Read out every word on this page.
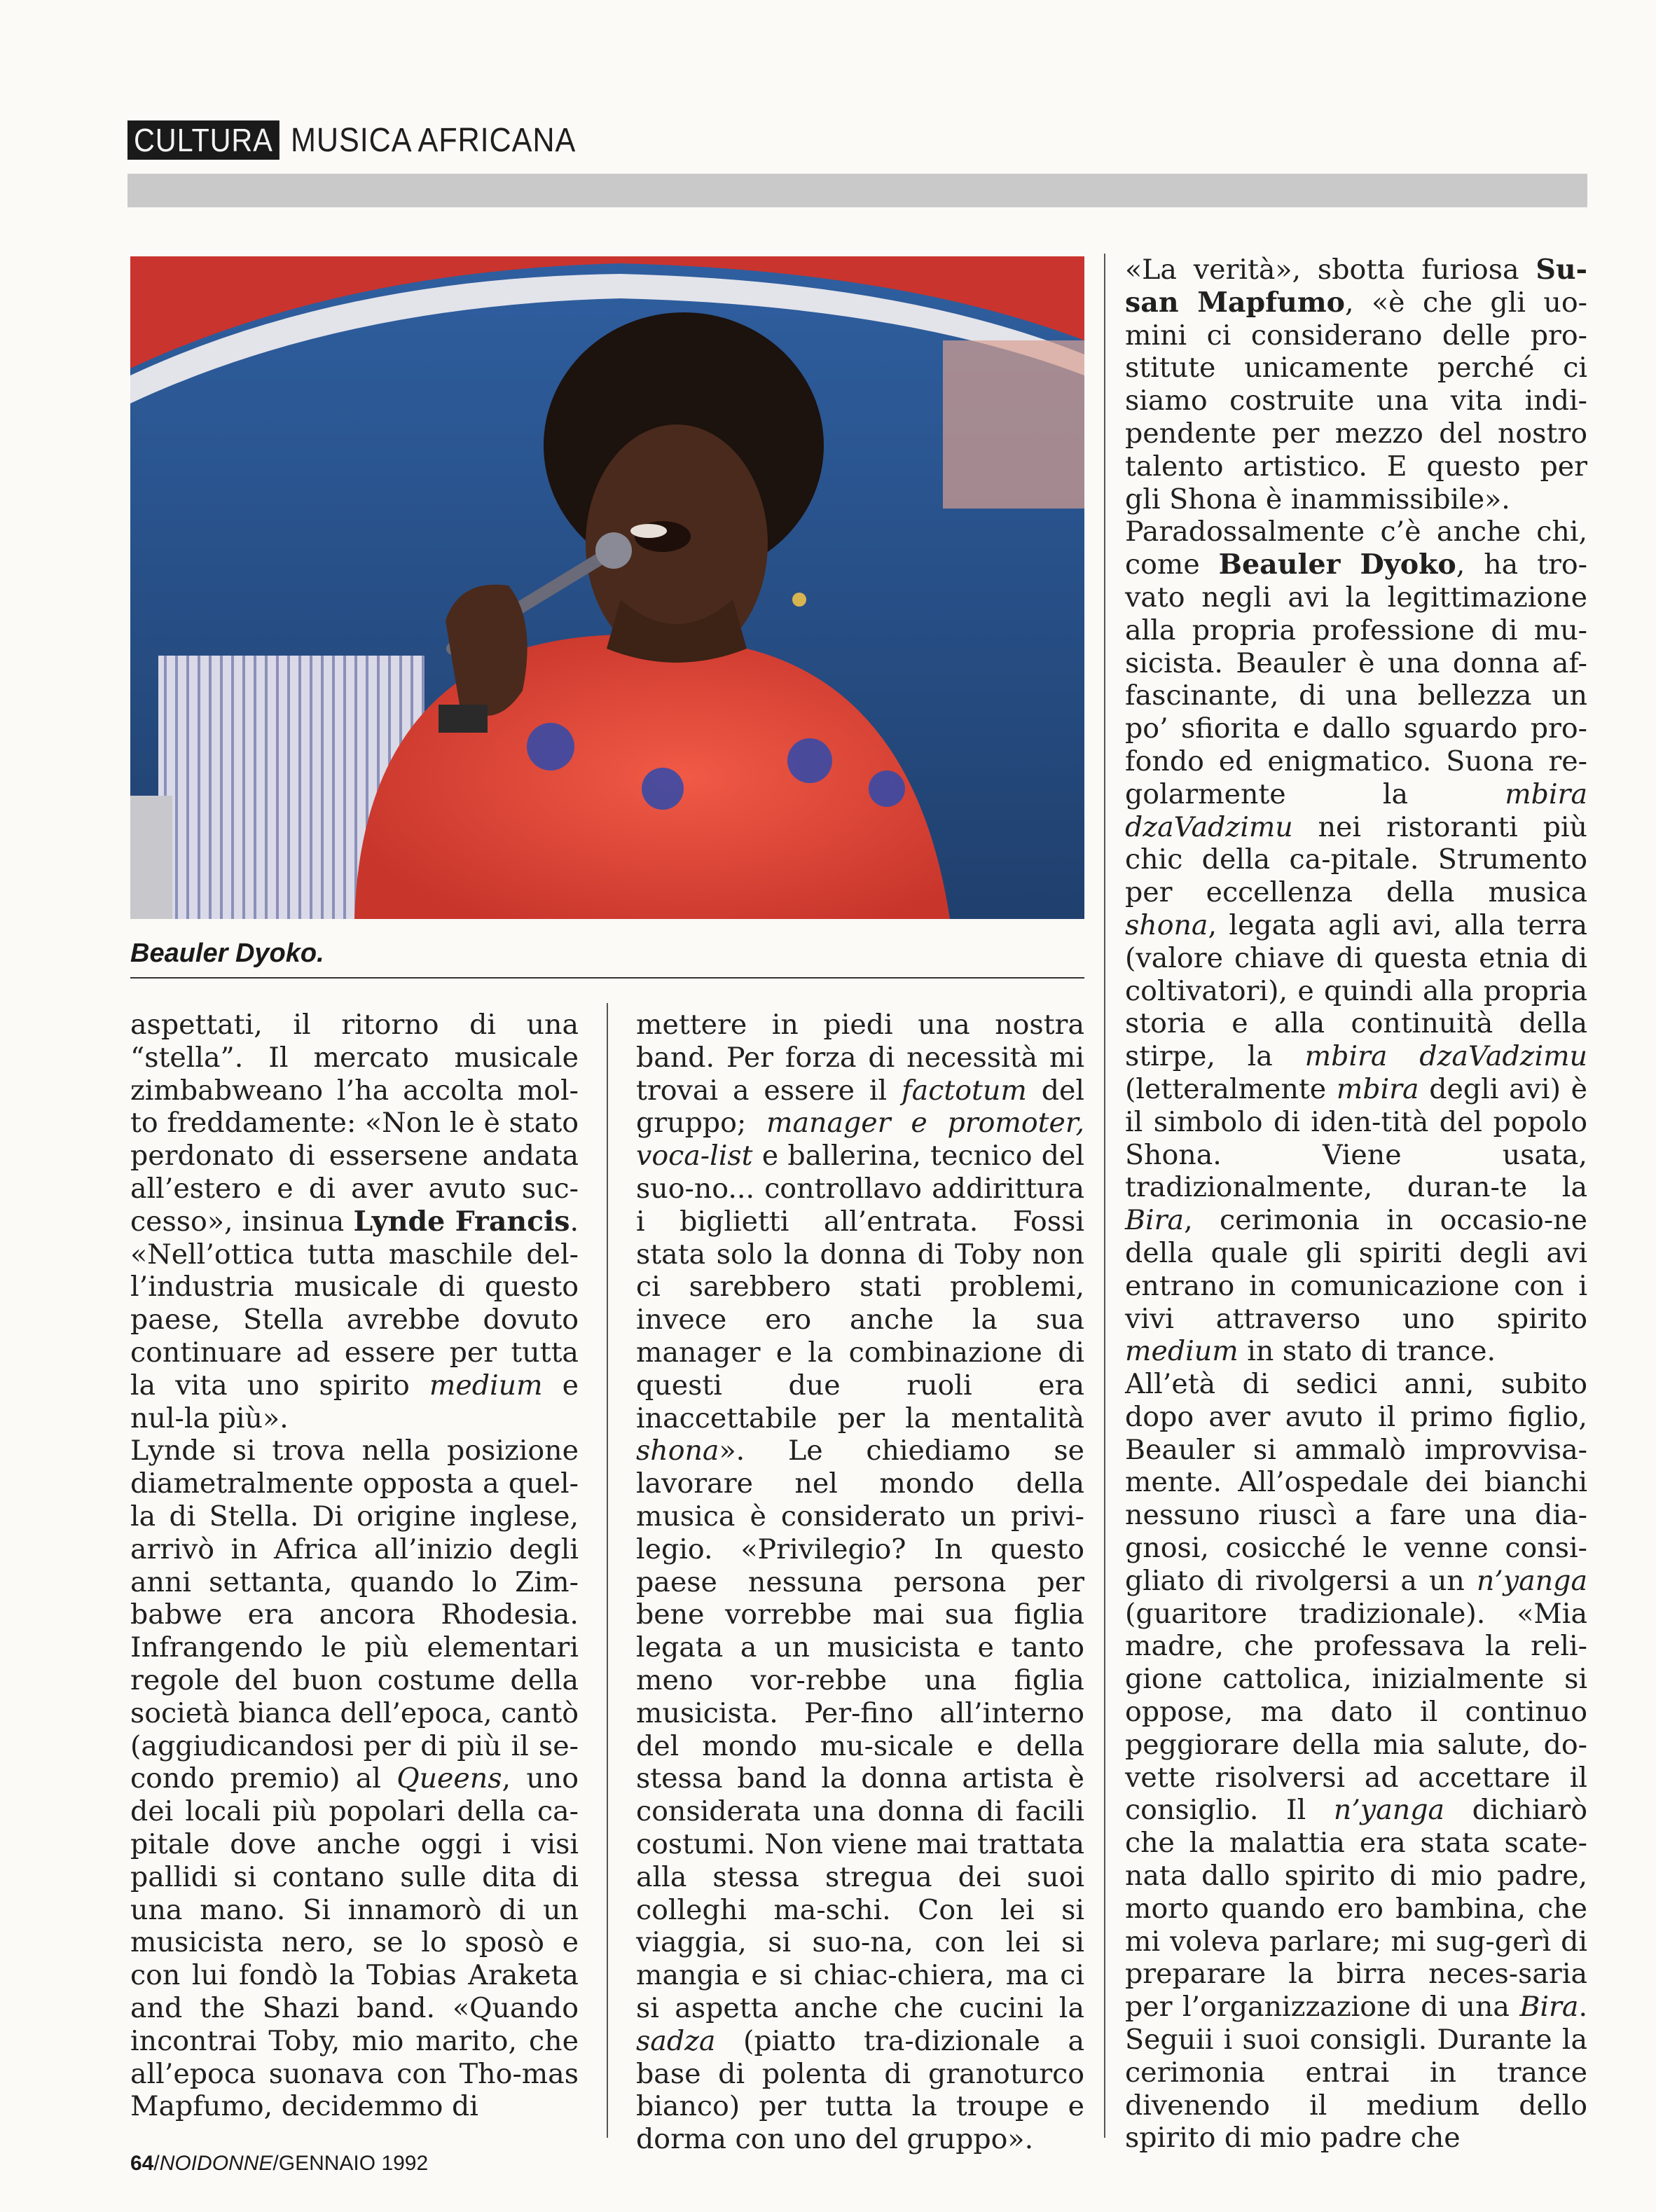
CULTURA MUSICA AFRICANA
Beauler Dyoko.

aspettati, il ritorno di una “stella”. Il mercato musicale zimbabweano l’ha accolta mol-to freddamente: «Non le è stato perdonato di essersene andata all’estero e di aver avuto suc-cesso», insinua Lynde Francis. «Nell’ottica tutta maschile del-l’industria musicale di questo paese, Stella avrebbe dovuto continuare ad essere per tutta la vita uno spirito medium e nul-la più».

Lynde si trova nella posizione diametralmente opposta a quel-la di Stella. Di origine inglese, arrivò in Africa all’inizio degli anni settanta, quando lo Zim-babwe era ancora Rhodesia. Infrangendo le più elementari regole del buon costume della società bianca dell’epoca, cantò (aggiudicandosi per di più il se-condo premio) al Queens, uno dei locali più popolari della ca-pitale dove anche oggi i visi pallidi si contano sulle dita di una mano. Si innamorò di un musicista nero, se lo sposò e con lui fondò la Tobias Araketa and the Shazi band. «Quando incontrai Toby, mio marito, che all’epoca suonava con Tho-mas Mapfumo, decidemmo di

mettere in piedi una nostra band. Per forza di necessità mi trovai a essere il factotum del gruppo; manager e promoter, voca-list e ballerina, tecnico del suo-no... controllavo addirittura i biglietti all’entrata. Fossi stata solo la donna di Toby non ci sarebbero stati problemi, invece ero anche la sua manager e la combinazione di questi due ruoli era inaccettabile per la mentalità shona». Le chiediamo se lavorare nel mondo della musica è considerato un privi-legio. «Privilegio? In questo paese nessuna persona per bene vorrebbe mai sua figlia legata a un musicista e tanto meno vor-rebbe una figlia musicista. Per-fino all’interno del mondo mu-sicale e della stessa band la donna artista è considerata una donna di facili costumi. Non viene mai trattata alla stessa stregua dei suoi colleghi ma-schi. Con lei si viaggia, si suo-na, con lei si mangia e si chiac-chiera, ma ci si aspetta anche che cucini la sadza (piatto tra-dizionale a base di polenta di granoturco bianco) per tutta la troupe e dorma con uno del gruppo».

«La verità», sbotta furiosa Su-san Mapfumo, «è che gli uo-mini ci considerano delle pro-stitute unicamente perché ci siamo costruite una vita indi-pendente per mezzo del nostro talento artistico. E questo per gli Shona è inammissibile».

Paradossalmente c’è anche chi, come Beauler Dyoko, ha tro-vato negli avi la legittimazione alla propria professione di mu-sicista. Beauler è una donna af-fascinante, di una bellezza un po’ sfiorita e dallo sguardo pro-fondo ed enigmatico. Suona re-golarmente la mbira dzaVadzimu nei ristoranti più chic della ca-pitale. Strumento per eccellenza della musica shona, legata agli avi, alla terra (valore chiave di questa etnia di coltivatori), e quindi alla propria storia e alla continuità della stirpe, la mbira dzaVadzimu (letteralmente mbira degli avi) è il simbolo di iden-tità del popolo Shona. Viene usata, tradizionalmente, duran-te la Bira, cerimonia in occasio-ne della quale gli spiriti degli avi entrano in comunicazione con i vivi attraverso uno spirito medium in stato di trance.

All’età di sedici anni, subito dopo aver avuto il primo figlio, Beauler si ammalò improvvisa-mente. All’ospedale dei bianchi nessuno riuscì a fare una dia-gnosi, cosicché le venne consi-gliato di rivolgersi a un n’yanga (guaritore tradizionale). «Mia madre, che professava la reli-gione cattolica, inizialmente si oppose, ma dato il continuo peggiorare della mia salute, do-vette risolversi ad accettare il consiglio. Il n’yanga dichiarò che la malattia era stata scate-nata dallo spirito di mio padre, morto quando ero bambina, che mi voleva parlare; mi sug-gerì di preparare la birra neces-saria per l’organizzazione di una Bira. Seguii i suoi consigli. Durante la cerimonia entrai in trance divenendo il medium dello spirito di mio padre che

64/NOIDONNE/GENNAIO 1992
